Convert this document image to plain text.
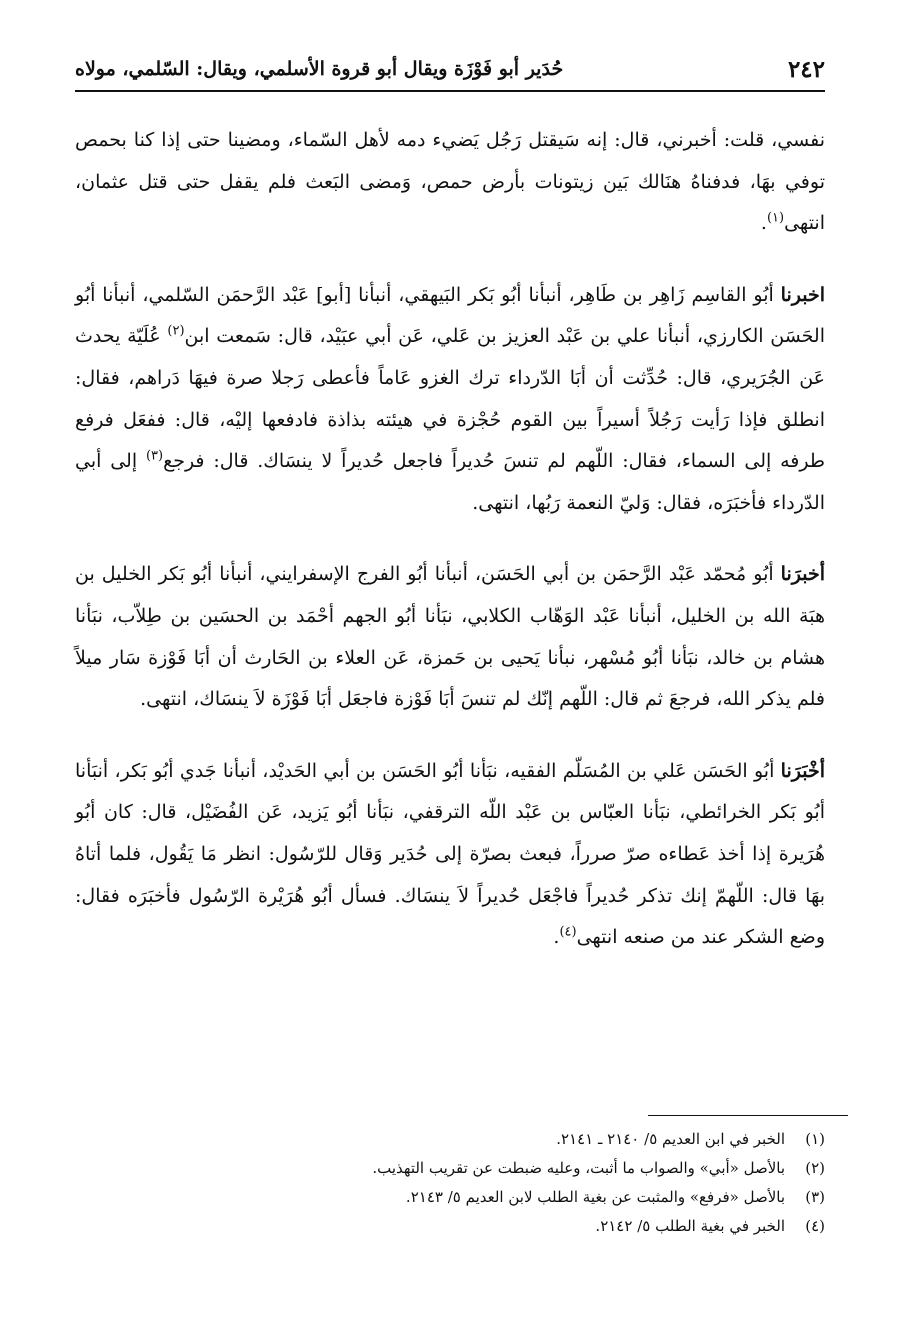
٢٤٢
حُدَير أبو فَوْزَة ويقال أبو قروة الأسلمي، ويقال: السّلمي، مولاه

نفسي، قلت: أخبرني، قال: إنه سَيقتل رَجُل يَضيء دمه لأهل السّماء، ومضينا حتى إذا كنا بحمص توفي بهَا، فدفناهُ هنَالك بَين زيتونات بأرض حمص، وَمضى البَعث فلم يقفل حتى قتل عثمان، انتهى$^{(١)}$.

اخبرنا أبُو القاسِم زَاهِر بن طَاهِر، أنبأنا أبُو بَكر البَيهقي، أنبأنا [أبو] عَبْد الرَّحمَن السّلمي، أنبأنا أبُو الحَسَن الكارزي، أنبأنا علي بن عَبْد العزيز بن عَلي، عَن أبي عبَيْد، قال: سَمعت ابن$^{(٢)}$ عُلَيّة يحدث عَن الجُرَيري، قال: حُدِّثت أن أبَا الدّرداء ترك الغزو عَاماً فأعطى رَجلا صرة فيهَا دَراهم، فقال: انطلق فإذا رَأيت رَجُلاً أسيراً بين القوم حُجْزة في هيئته بذاذة فادفعها إليْه، قال: ففعَل فرفع طرفه إلى السماء، فقال: اللّهم لم تنسَ حُديراً فاجعل حُديراً لا ينسَاك. قال: فرجع$^{(٣)}$ إلى أبي الدّرداء فأخبَرَه، فقال: وَليّ النعمة رَبُها، انتهى.

أخبرَنا أبُو مُحمّد عَبْد الرَّحمَن بن أبي الحَسَن، أنبأنا أبُو الفرج الإسفرايني، أنبأنا أبُو بَكر الخليل بن هبَة الله بن الخليل، أنبأنا عَبْد الوَهّاب الكلابي، نبَأنا أبُو الجهم أحْمَد بن الحسَين بن طِلاّب، نبَأنا هشام بن خالد، نبَأنا أبُو مُسْهر، نبأنا يَحيى بن حَمزة، عَن العلاء بن الحَارث أن أبَا فَوْزة سَار ميلاً فلم يذكر الله، فرجعَ ثم قال: اللّهم إنّك لم تنسَ أبَا فَوْزة فاجعَل أبَا فَوْزَة لاَ ينسَاك، انتهى.

أخْبَرَنا أبُو الحَسَن عَلي بن المُسَلّم الفقيه، نبَأنا أبُو الحَسَن بن أبي الحَديْد، أنبأنا جَدي أبُو بَكر، أنبَأنا أبُو بَكر الخرائطي، نبَأنا العبّاس بن عَبْد اللّه الترقفي، نبَأنا أبُو يَزيد، عَن الفُضَيْل، قال: كان أبُو هُرَيرة إذا أخذ عَطاءه صرّ صرراً، فبعث بصرّة إلى حُدَير وَقال للرّسُول: انظر مَا يَقُول، فلما أتاهُ بهَا قال: اللّهمّ إنك تذكر حُديراً فاجْعَل حُديراً لاَ ينسَاك. فسأل أبُو هُرَيْرة الرّسُول فأخبَرَه فقال: وضع الشكر عند من صنعه انتهى$^{(٤)}$.

(١)الخبر في ابن العديم ٥/ ٢١٤٠ ـ ٢١٤١.
(٢)بالأصل «أبي» والصواب ما أثبت، وعليه ضبطت عن تقريب التهذيب.
(٣)بالأصل «فرفع» والمثبت عن بغية الطلب لابن العديم ٥/ ٢١٤٣.
(٤)الخبر في بغية الطلب ٥/ ٢١٤٢.
